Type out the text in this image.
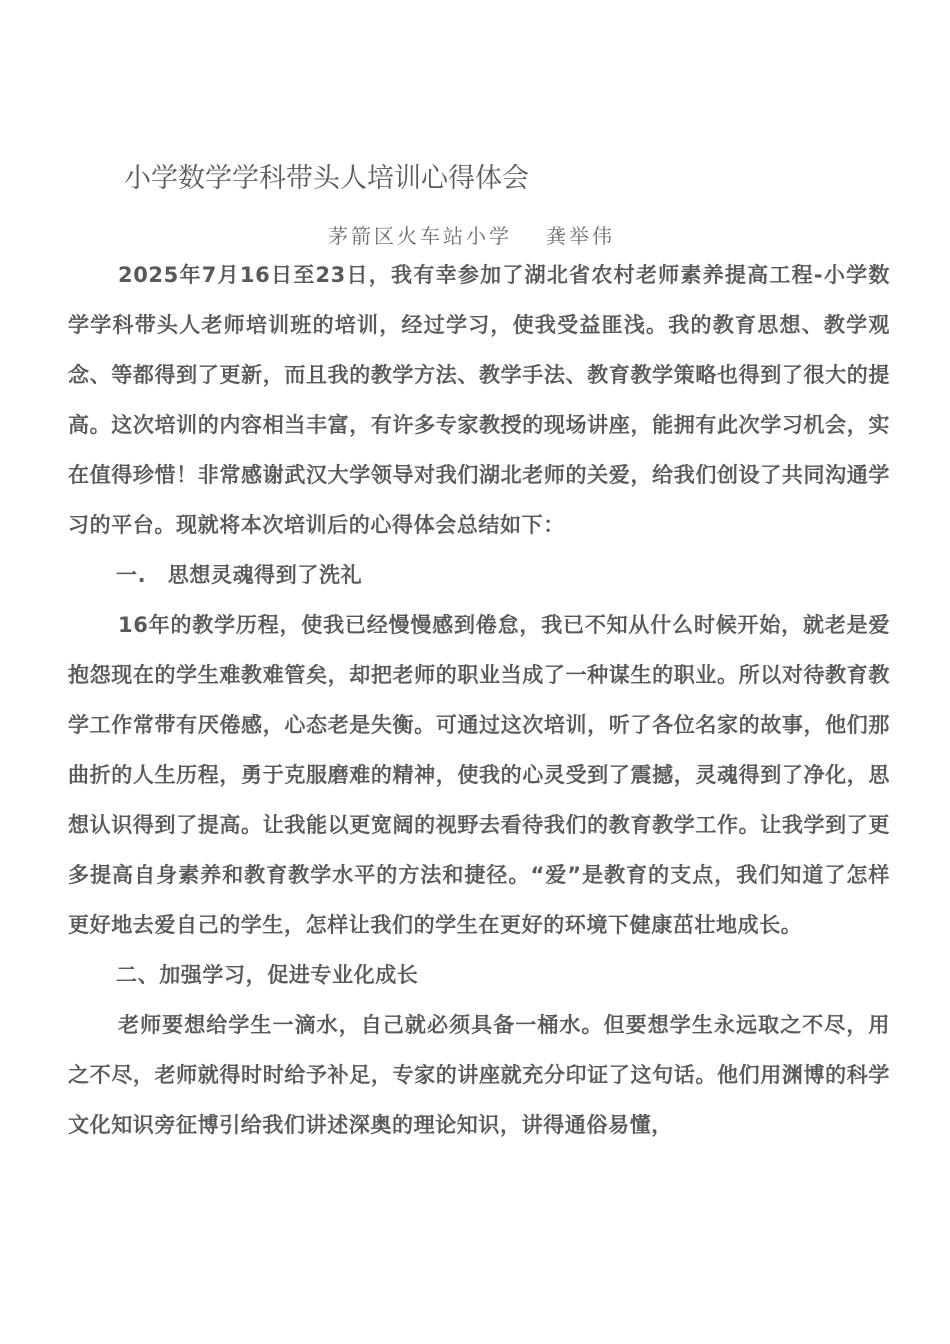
小学数学学科带头人培训心得体会
茅箭区火车站小学 龚举伟

2025年7月16日至23日，我有幸参加了湖北省农村老师素养提高工程-小学数学学科带头人老师培训班的培训，经过学习，使我受益匪浅。我的教育思想、教学观念、等都得到了更新，而且我的教学方法、教学手法、教育教学策略也得到了很大的提高。这次培训的内容相当丰富，有许多专家教授的现场讲座，能拥有此次学习机会，实在值得珍惜！非常感谢武汉大学领导对我们湖北老师的关爱，给我们创设了共同沟通学习的平台。现就将本次培训后的心得体会总结如下：

一.　思想灵魂得到了洗礼

16年的教学历程，使我已经慢慢感到倦怠，我已不知从什么时候开始，就老是爱抱怨现在的学生难教难管矣，却把老师的职业当成了一种谋生的职业。所以对待教育教学工作常带有厌倦感，心态老是失衡。可通过这次培训，听了各位名家的故事，他们那曲折的人生历程，勇于克服磨难的精神，使我的心灵受到了震撼，灵魂得到了净化，思想认识得到了提高。让我能以更宽阔的视野去看待我们的教育教学工作。让我学到了更多提高自身素养和教育教学水平的方法和捷径。“爱”是教育的支点，我们知道了怎样更好地去爱自己的学生，怎样让我们的学生在更好的环境下健康茁壮地成长。

二、加强学习，促进专业化成长

老师要想给学生一滴水，自己就必须具备一桶水。但要想学生永远取之不尽，用之不尽，老师就得时时给予补足，专家的讲座就充分印证了这句话。他们用渊博的科学文化知识旁征博引给我们讲述深奥的理论知识，讲得通俗易懂，
